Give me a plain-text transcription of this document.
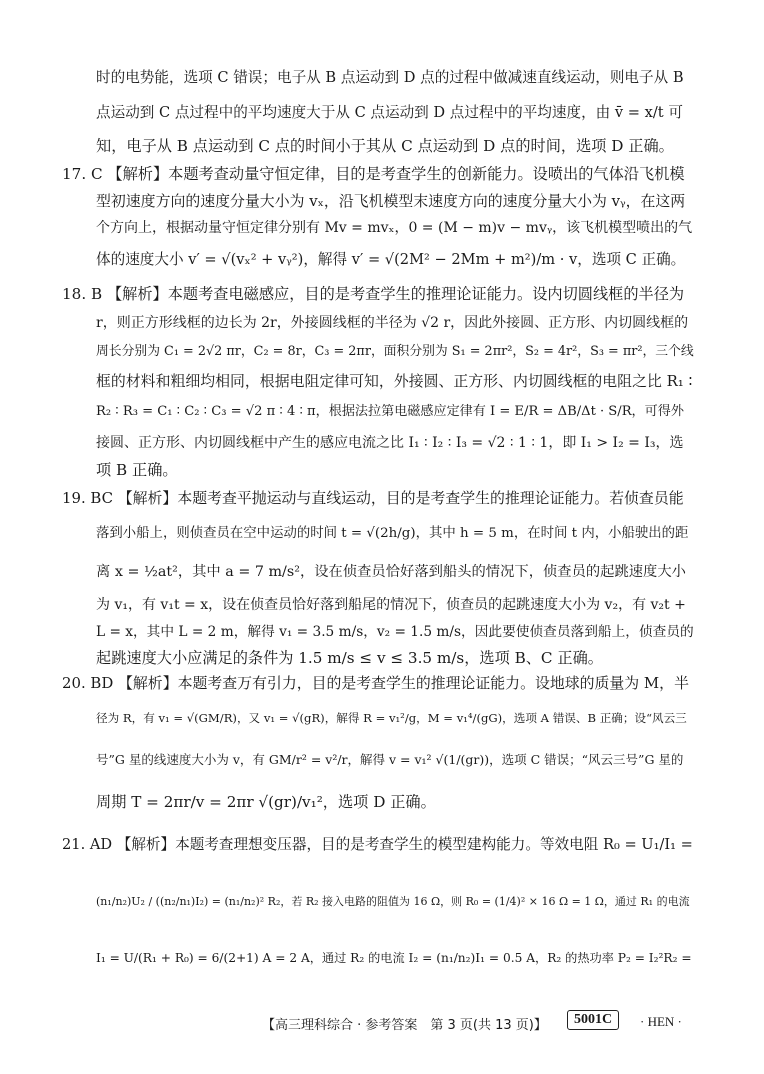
时的电势能，选项 C 错误；电子从 B 点运动到 D 点的过程中做减速直线运动，则电子从 B
点运动到 C 点过程中的平均速度大于从 C 点运动到 D 点过程中的平均速度，由 v̄ = x/t 可
知，电子从 B 点运动到 C 点的时间小于其从 C 点运动到 D 点的时间，选项 D 正确。
17. C 【解析】本题考查动量守恒定律，目的是考查学生的创新能力。设喷出的气体沿飞机模
型初速度方向的速度分量大小为 vₓ，沿飞机模型末速度方向的速度分量大小为 vᵧ，在这两
个方向上，根据动量守恒定律分别有 Mv = mvₓ，0 = (M − m)v − mvᵧ，该飞机模型喷出的气
体的速度大小 v′ = √(vₓ² + vᵧ²)，解得 v′ = √(2M² − 2Mm + m²)/m · v，选项 C 正确。
18. B 【解析】本题考查电磁感应，目的是考查学生的推理论证能力。设内切圆线框的半径为
r，则正方形线框的边长为 2r，外接圆线框的半径为 √2 r，因此外接圆、正方形、内切圆线框的
周长分别为 C₁ = 2√2 πr，C₂ = 8r，C₃ = 2πr，面积分别为 S₁ = 2πr²，S₂ = 4r²，S₃ = πr²，三个线
框的材料和粗细均相同，根据电阻定律可知，外接圆、正方形、内切圆线框的电阻之比 R₁ ∶
R₂ ∶ R₃ = C₁ ∶ C₂ ∶ C₃ = √2 π ∶ 4 ∶ π，根据法拉第电磁感应定律有 I = E/R = ΔB/Δt · S/R，可得外
接圆、正方形、内切圆线框中产生的感应电流之比 I₁ ∶ I₂ ∶ I₃ = √2 ∶ 1 ∶ 1，即 I₁ > I₂ = I₃，选
项 B 正确。
19. BC 【解析】本题考查平抛运动与直线运动，目的是考查学生的推理论证能力。若侦查员能
落到小船上，则侦查员在空中运动的时间 t = √(2h/g)，其中 h = 5 m，在时间 t 内，小船驶出的距
离 x = ½at²，其中 a = 7 m/s²，设在侦查员恰好落到船头的情况下，侦查员的起跳速度大小
为 v₁，有 v₁t = x，设在侦查员恰好落到船尾的情况下，侦查员的起跳速度大小为 v₂，有 v₂t +
L = x，其中 L = 2 m，解得 v₁ = 3.5 m/s，v₂ = 1.5 m/s，因此要使侦查员落到船上，侦查员的
起跳速度大小应满足的条件为 1.5 m/s ≤ v ≤ 3.5 m/s，选项 B、C 正确。
20. BD 【解析】本题考查万有引力，目的是考查学生的推理论证能力。设地球的质量为 M，半
径为 R，有 v₁ = √(GM/R)，又 v₁ = √(gR)，解得 R = v₁²/g，M = v₁⁴/(gG)，选项 A 错误、B 正确；设“风云三
号”G 星的线速度大小为 v，有 GM/r² = v²/r，解得 v = v₁² √(1/(gr))，选项 C 错误；“风云三号”G 星的
周期 T = 2πr/v = 2πr √(gr)/v₁²，选项 D 正确。
21. AD 【解析】本题考查理想变压器，目的是考查学生的模型建构能力。等效电阻 R₀ = U₁/I₁ =
(n₁/n₂)U₂ / ((n₂/n₁)I₂) = (n₁/n₂)² R₂，若 R₂ 接入电路的阻值为 16 Ω，则 R₀ = (1/4)² × 16 Ω = 1 Ω，通过 R₁ 的电流
I₁ = U/(R₁ + R₀) = 6/(2+1) A = 2 A，通过 R₂ 的电流 I₂ = (n₁/n₂)I₁ = 0.5 A，R₂ 的热功率 P₂ = I₂²R₂ =
【高三理科综合 · 参考答案　第 3 页(共 13 页)】	5001C	· HEN ·
